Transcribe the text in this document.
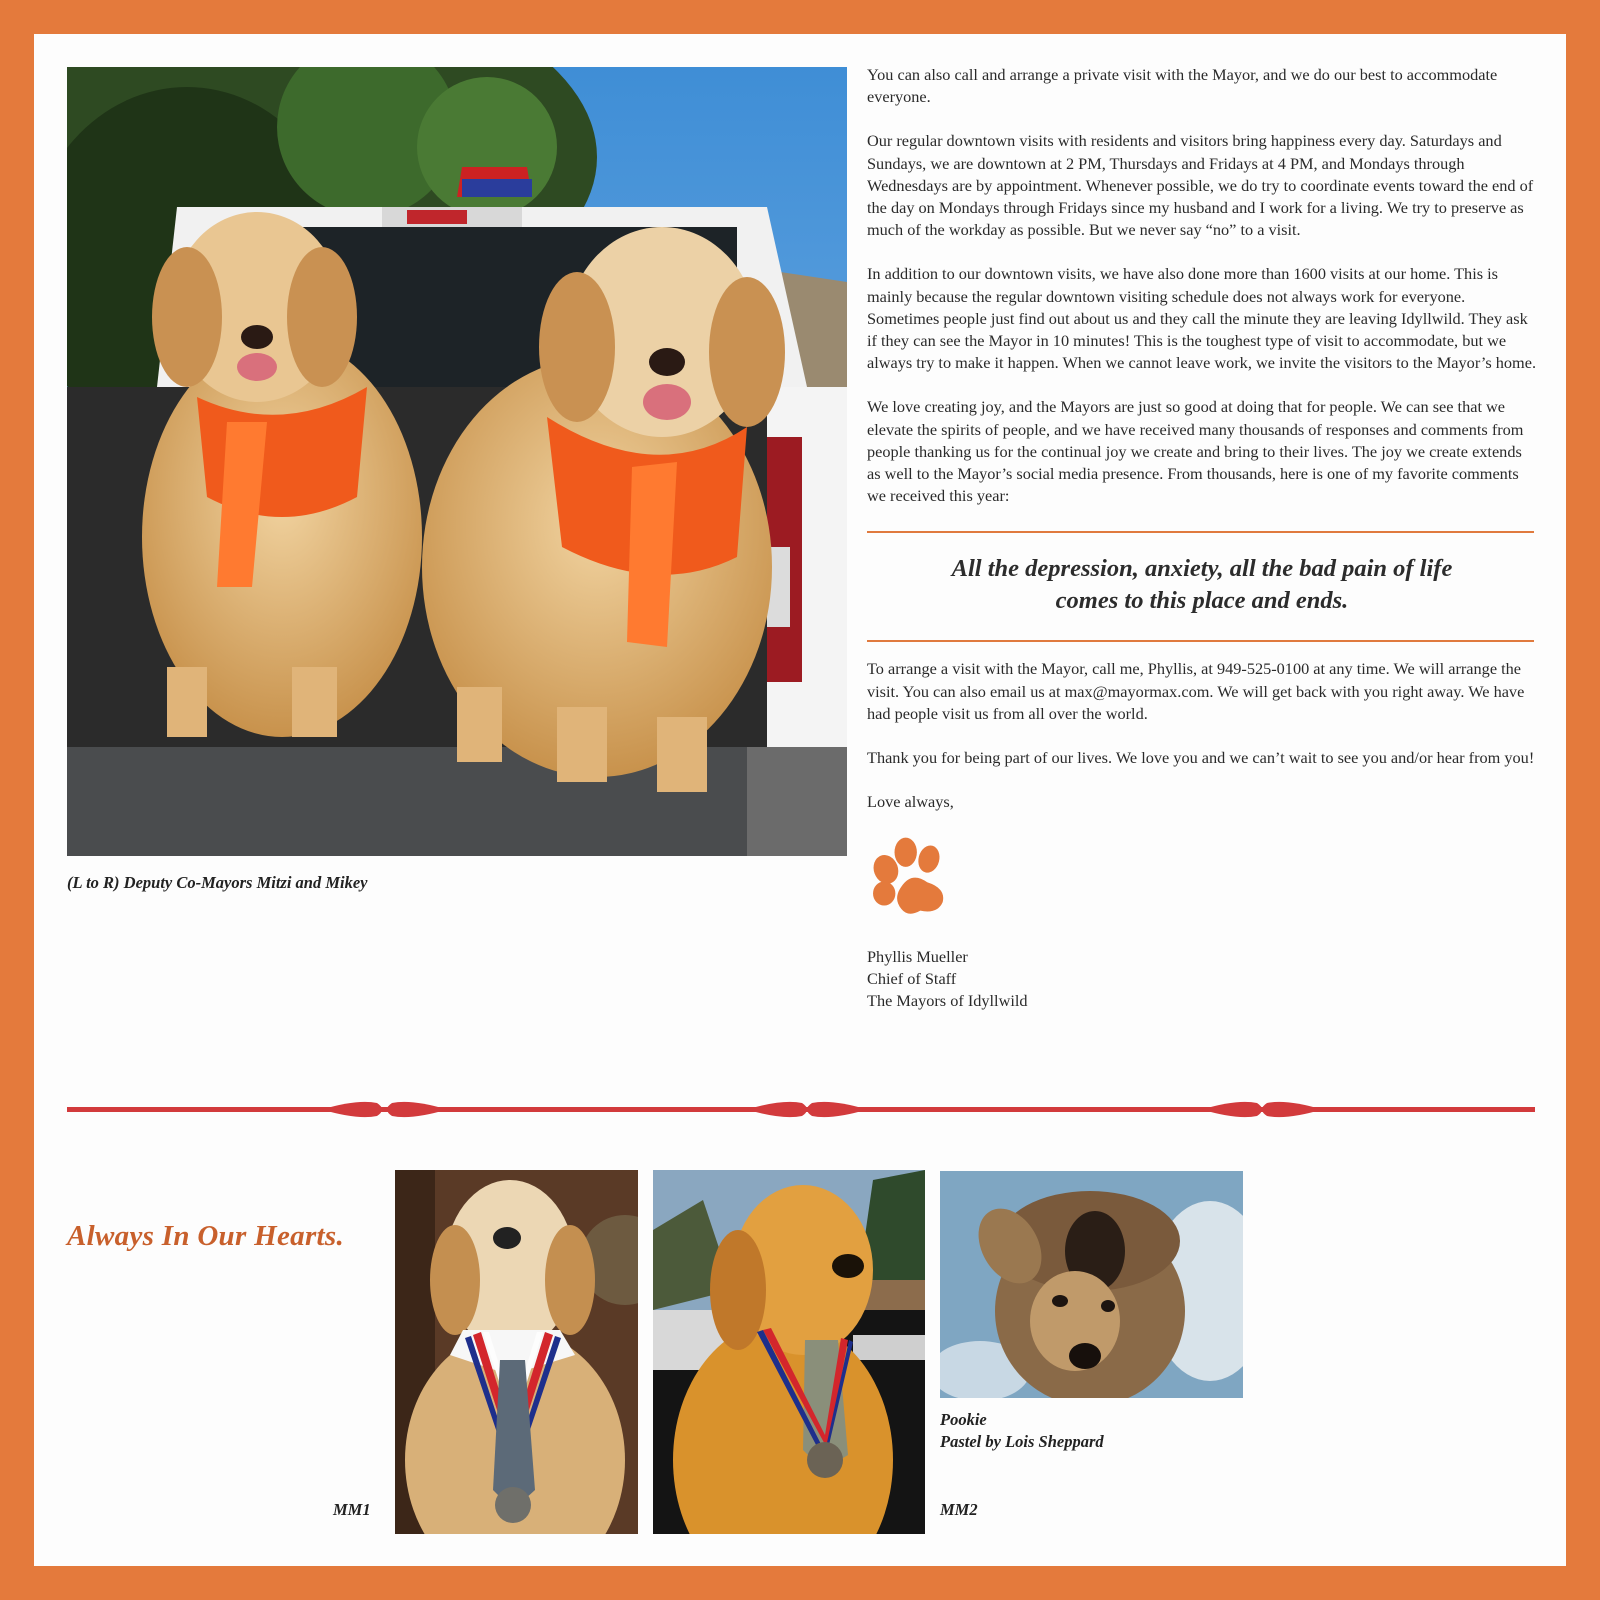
(L to R) Deputy Co-Mayors Mitzi and Mikey

You can also call and arrange a private visit with the Mayor, and we do our best to accommodate everyone.

Our regular downtown visits with residents and visitors bring happiness every day. Saturdays and Sundays, we are downtown at 2 PM, Thursdays and Fridays at 4 PM, and Mondays through Wednesdays are by appointment. Whenever possible, we do try to coordinate events toward the end of the day on Mondays through Fridays since my husband and I work for a living. We try to preserve as much of the workday as possible. But we never say “no” to a visit.

In addition to our downtown visits, we have also done more than 1600 visits at our home. This is mainly because the regular downtown visiting schedule does not always work for everyone. Sometimes people just find out about us and they call the minute they are leaving Idyllwild. They ask if they can see the Mayor in 10 minutes! This is the toughest type of visit to accommodate, but we always try to make it happen. When we cannot leave work, we invite the visitors to the Mayor’s home.

We love creating joy, and the Mayors are just so good at doing that for people. We can see that we elevate the spirits of people, and we have received many thousands of responses and comments from people thanking us for the continual joy we create and bring to their lives. The joy we create extends as well to the Mayor’s social media presence. From thousands, here is one of my favorite comments we received this year:

All the depression, anxiety, all the bad pain of life
comes to this place and ends.

To arrange a visit with the Mayor, call me, Phyllis, at 949-525-0100 at any time. We will arrange the visit. You can also email us at max@mayormax.com. We will get back with you right away. We have had people visit us from all over the world.

Thank you for being part of our lives. We love you and we can’t wait to see you and/or hear from you!

Love always,

Phyllis Mueller
Chief of Staff
The Mayors of Idyllwild
Always In Our Hearts.
MM1
Pookie
Pastel by Lois Sheppard
MM2
